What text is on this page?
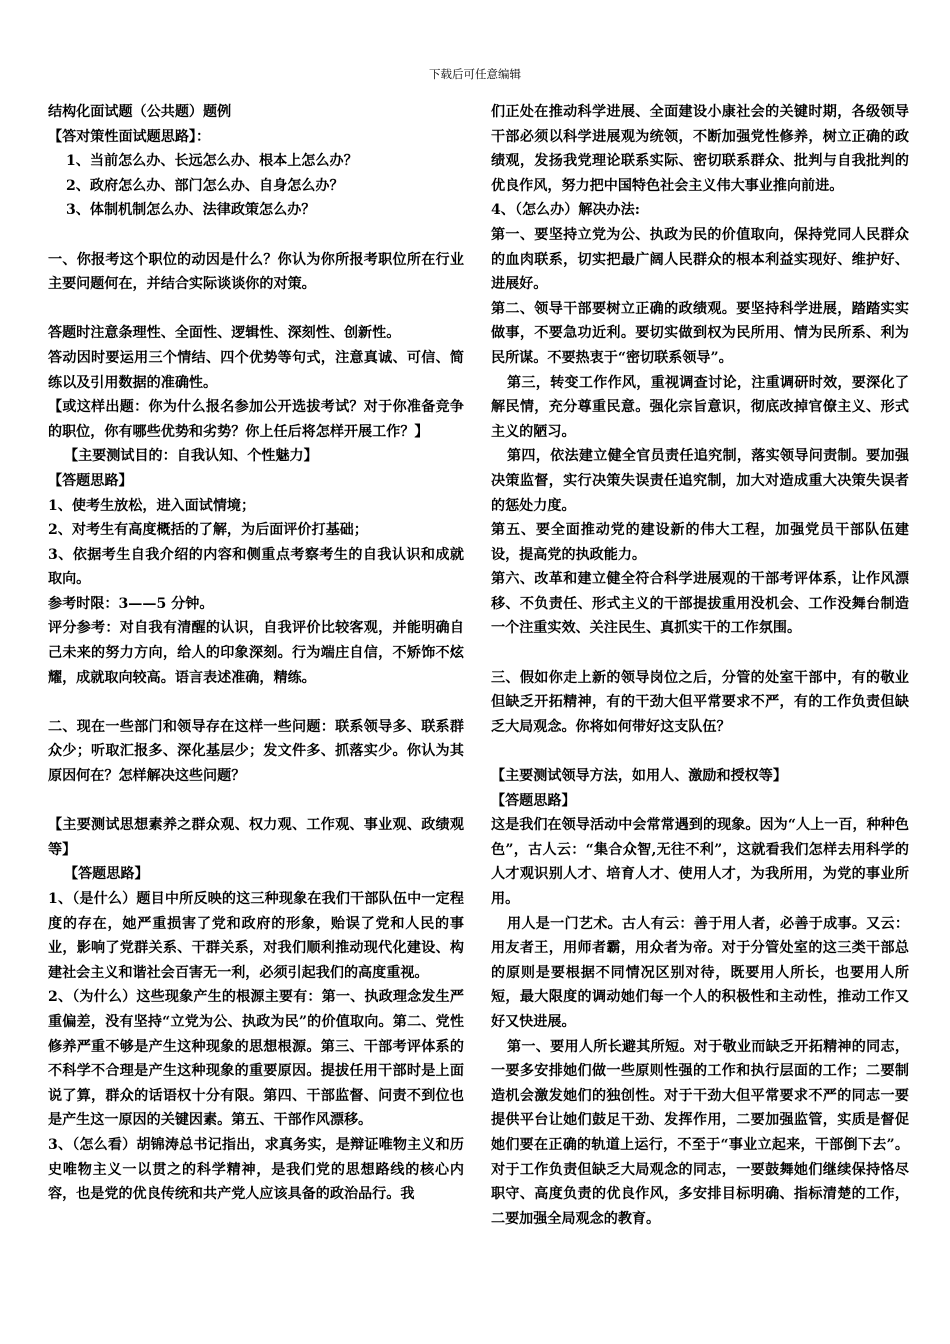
下载后可任意编辑

结构化面试题（公共题）题例

【答对策性面试题思路】：

1、当前怎么办、长远怎么办、根本上怎么办？

2、政府怎么办、部门怎么办、自身怎么办？

3、体制机制怎么办、法律政策怎么办？

一、你报考这个职位的动因是什么？你认为你所报考职位所在行业主要问题何在，并结合实际谈谈你的对策。

答题时注意条理性、全面性、逻辑性、深刻性、创新性。

答动因时要运用三个情结、四个优势等句式，注意真诚、可信、简练以及引用数据的准确性。

【或这样出题：你为什么报名参加公开选拔考试？对于你准备竞争的职位，你有哪些优势和劣势？你上任后将怎样开展工作？】

【主要测试目的：自我认知、个性魅力】

【答题思路】

1、使考生放松，进入面试情境；

2、对考生有高度概括的了解，为后面评价打基础；

3、依据考生自我介绍的内容和侧重点考察考生的自我认识和成就取向。

参考时限：3——5 分钟。

评分参考：对自我有清醒的认识，自我评价比较客观，并能明确自己未来的努力方向，给人的印象深刻。行为端庄自信，不矫饰不炫耀，成就取向较高。语言表述准确，精练。

二、现在一些部门和领导存在这样一些问题：联系领导多、联系群众少；听取汇报多、深化基层少；发文件多、抓落实少。你认为其原因何在？怎样解决这些问题？

【主要测试思想素养之群众观、权力观、工作观、事业观、政绩观等】

【答题思路】

1、（是什么）题目中所反映的这三种现象在我们干部队伍中一定程度的存在，她严重损害了党和政府的形象，贻误了党和人民的事业，影响了党群关系、干群关系，对我们顺利推动现代化建设、构建社会主义和谐社会百害无一利，必须引起我们的高度重视。

2、（为什么）这些现象产生的根源主要有：第一、执政理念发生严重偏差，没有坚持“立党为公、执政为民”的价值取向。第二、党性修养严重不够是产生这种现象的思想根源。第三、干部考评体系的不科学不合理是产生这种现象的重要原因。提拔任用干部时是上面说了算，群众的话语权十分有限。第四、干部监督、问责不到位也是产生这一原因的关键因素。第五、干部作风漂移。

3、（怎么看）胡锦涛总书记指出，求真务实，是辩证唯物主义和历史唯物主义一以贯之的科学精神，是我们党的思想路线的核心内容，也是党的优良传统和共产党人应该具备的政治品行。我

们正处在推动科学进展、全面建设小康社会的关键时期，各级领导干部必须以科学进展观为统领，不断加强党性修养，树立正确的政绩观，发扬我党理论联系实际、密切联系群众、批判与自我批判的优良作风，努力把中国特色社会主义伟大事业推向前进。

4、（怎么办）解决办法:

第一、要坚持立党为公、执政为民的价值取向，保持党同人民群众的血肉联系，切实把最广阔人民群众的根本利益实现好、维护好、进展好。

第二、领导干部要树立正确的政绩观。要坚持科学进展，踏踏实实做事，不要急功近利。要切实做到权为民所用、情为民所系、利为民所谋。不要热衷于“密切联系领导”。

第三，转变工作作风，重视调查讨论，注重调研时效，要深化了解民情，充分尊重民意。强化宗旨意识，彻底改掉官僚主义、形式主义的陋习。

第四，依法建立健全官员责任追究制，落实领导问责制。要加强决策监督，实行决策失误责任追究制，加大对造成重大决策失误者的惩处力度。

第五、要全面推动党的建设新的伟大工程，加强党员干部队伍建设，提高党的执政能力。

第六、改革和建立健全符合科学进展观的干部考评体系，让作风漂移、不负责任、形式主义的干部提拔重用没机会、工作没舞台制造一个注重实效、关注民生、真抓实干的工作氛围。

三、假如你走上新的领导岗位之后，分管的处室干部中，有的敬业但缺乏开拓精神，有的干劲大但平常要求不严，有的工作负责但缺乏大局观念。你将如何带好这支队伍？

【主要测试领导方法，如用人、激励和授权等】

【答题思路】

这是我们在领导活动中会常常遇到的现象。因为“人上一百，种种色色”，古人云：“集合众智,无往不利”，这就看我们怎样去用科学的人才观识别人才、培育人才、使用人才，为我所用，为党的事业所用。

用人是一门艺术。古人有云：善于用人者，必善于成事。又云：用友者王，用师者霸，用众者为帝。对于分管处室的这三类干部总的原则是要根据不同情况区别对待，既要用人所长，也要用人所短，最大限度的调动她们每一个人的积极性和主动性，推动工作又好又快进展。

第一、要用人所长避其所短。对于敬业而缺乏开拓精神的同志，一要多安排她们做一些原则性强的工作和执行层面的工作；二要制造机会激发她们的独创性。对于干劲大但平常要求不严的同志一要提供平台让她们鼓足干劲、发挥作用，二要加强监管，实质是督促她们要在正确的轨道上运行，不至于“事业立起来，干部倒下去”。对于工作负责但缺乏大局观念的同志，一要鼓舞她们继续保持恪尽职守、高度负责的优良作风，多安排目标明确、指标清楚的工作，二要加强全局观念的教育。
